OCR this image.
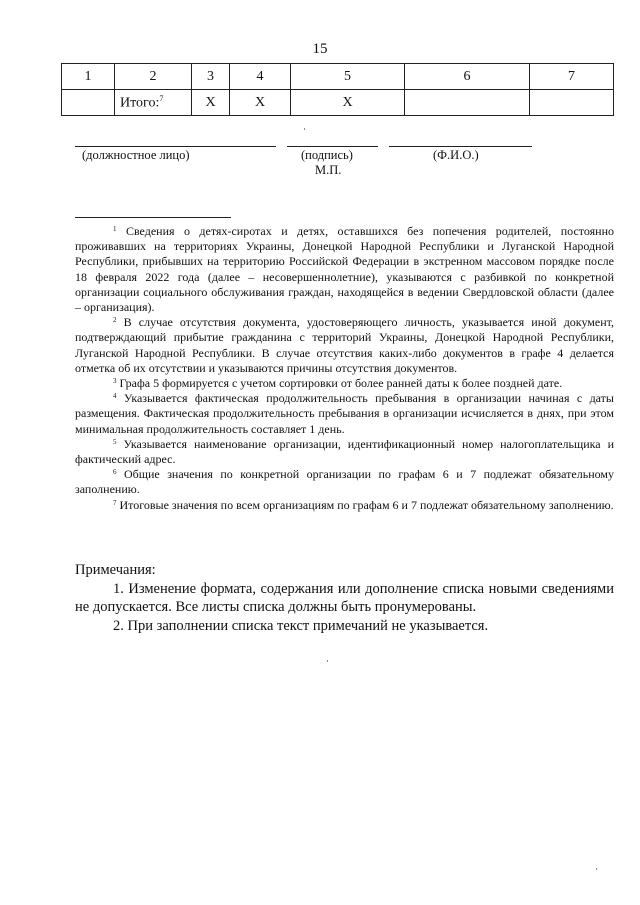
15
1	2	3	4	5	6	7
	Итого:$^7$	Х	Х	Х		
(должностное лицо)	(подпись)	(Ф.И.О.)
М.П.

$^1$ Сведения о детях-сиротах и детях, оставшихся без попечения родителей, постоянно проживавших на территориях Украины, Донецкой Народной Республики и Луганской Народной Республики, прибывших на территорию Российской Федерации в экстренном массовом порядке после 18 февраля 2022 года (далее – несовершеннолетние), указываются с разбивкой по конкретной организации социального обслуживания граждан, находящейся в ведении Свердловской области (далее – организация).

$^2$ В случае отсутствия документа, удостоверяющего личность, указывается иной документ, подтверждающий прибытие гражданина с территорий Украины, Донецкой Народной Республики, Луганской Народной Республики. В случае отсутствия каких-либо документов в графе 4 делается отметка об их отсутствии и указываются причины отсутствия документов.

$^3$ Графа 5 формируется с учетом сортировки от более ранней даты к более поздней дате.

$^4$ Указывается фактическая продолжительность пребывания в организации начиная с даты размещения. Фактическая продолжительность пребывания в организации исчисляется в днях, при этом минимальная продолжительность составляет 1 день.

$^5$ Указывается наименование организации, идентификационный номер налогоплательщика и фактический адрес.

$^6$ Общие значения по конкретной организации по графам 6 и 7 подлежат обязательному заполнению.

$^7$ Итоговые значения по всем организациям по графам 6 и 7 подлежат обязательному заполнению.

Примечания:

1. Изменение формата, содержания или дополнение списка новыми сведениями не допускается. Все листы списка должны быть пронумерованы.

2. При заполнении списка текст примечаний не указывается.
